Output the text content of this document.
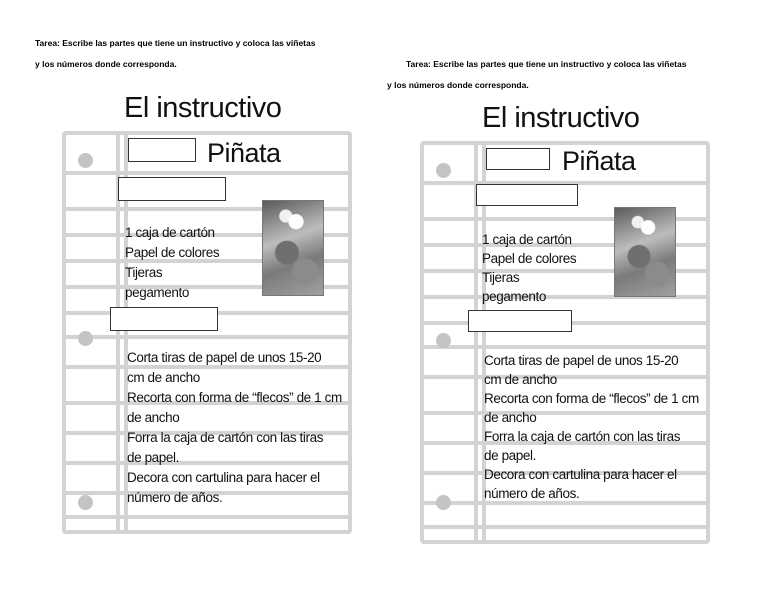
Tarea: Escribe las partes que tiene un instructivo y coloca las viñetas
y los números donde corresponda.	Tarea: Escribe las partes que tiene un instructivo y coloca las viñetas
y los números donde corresponda.
El instructivo
Piñata
1 caja de cartón
Papel de colores
Tijeras
pegamento
Corta tiras de papel de unos 15-20
cm de ancho
Recorta con forma de “flecos” de 1 cm
de ancho
Forra la caja de cartón con las tiras
de papel.
Decora con cartulina para hacer el
número de años.
El instructivo
Piñata
1 caja de cartón
Papel de colores
Tijeras
pegamento
Corta tiras de papel de unos 15-20
cm de ancho
Recorta con forma de “flecos” de 1 cm
de ancho
Forra la caja de cartón con las tiras
de papel.
Decora con cartulina para hacer el
número de años.
